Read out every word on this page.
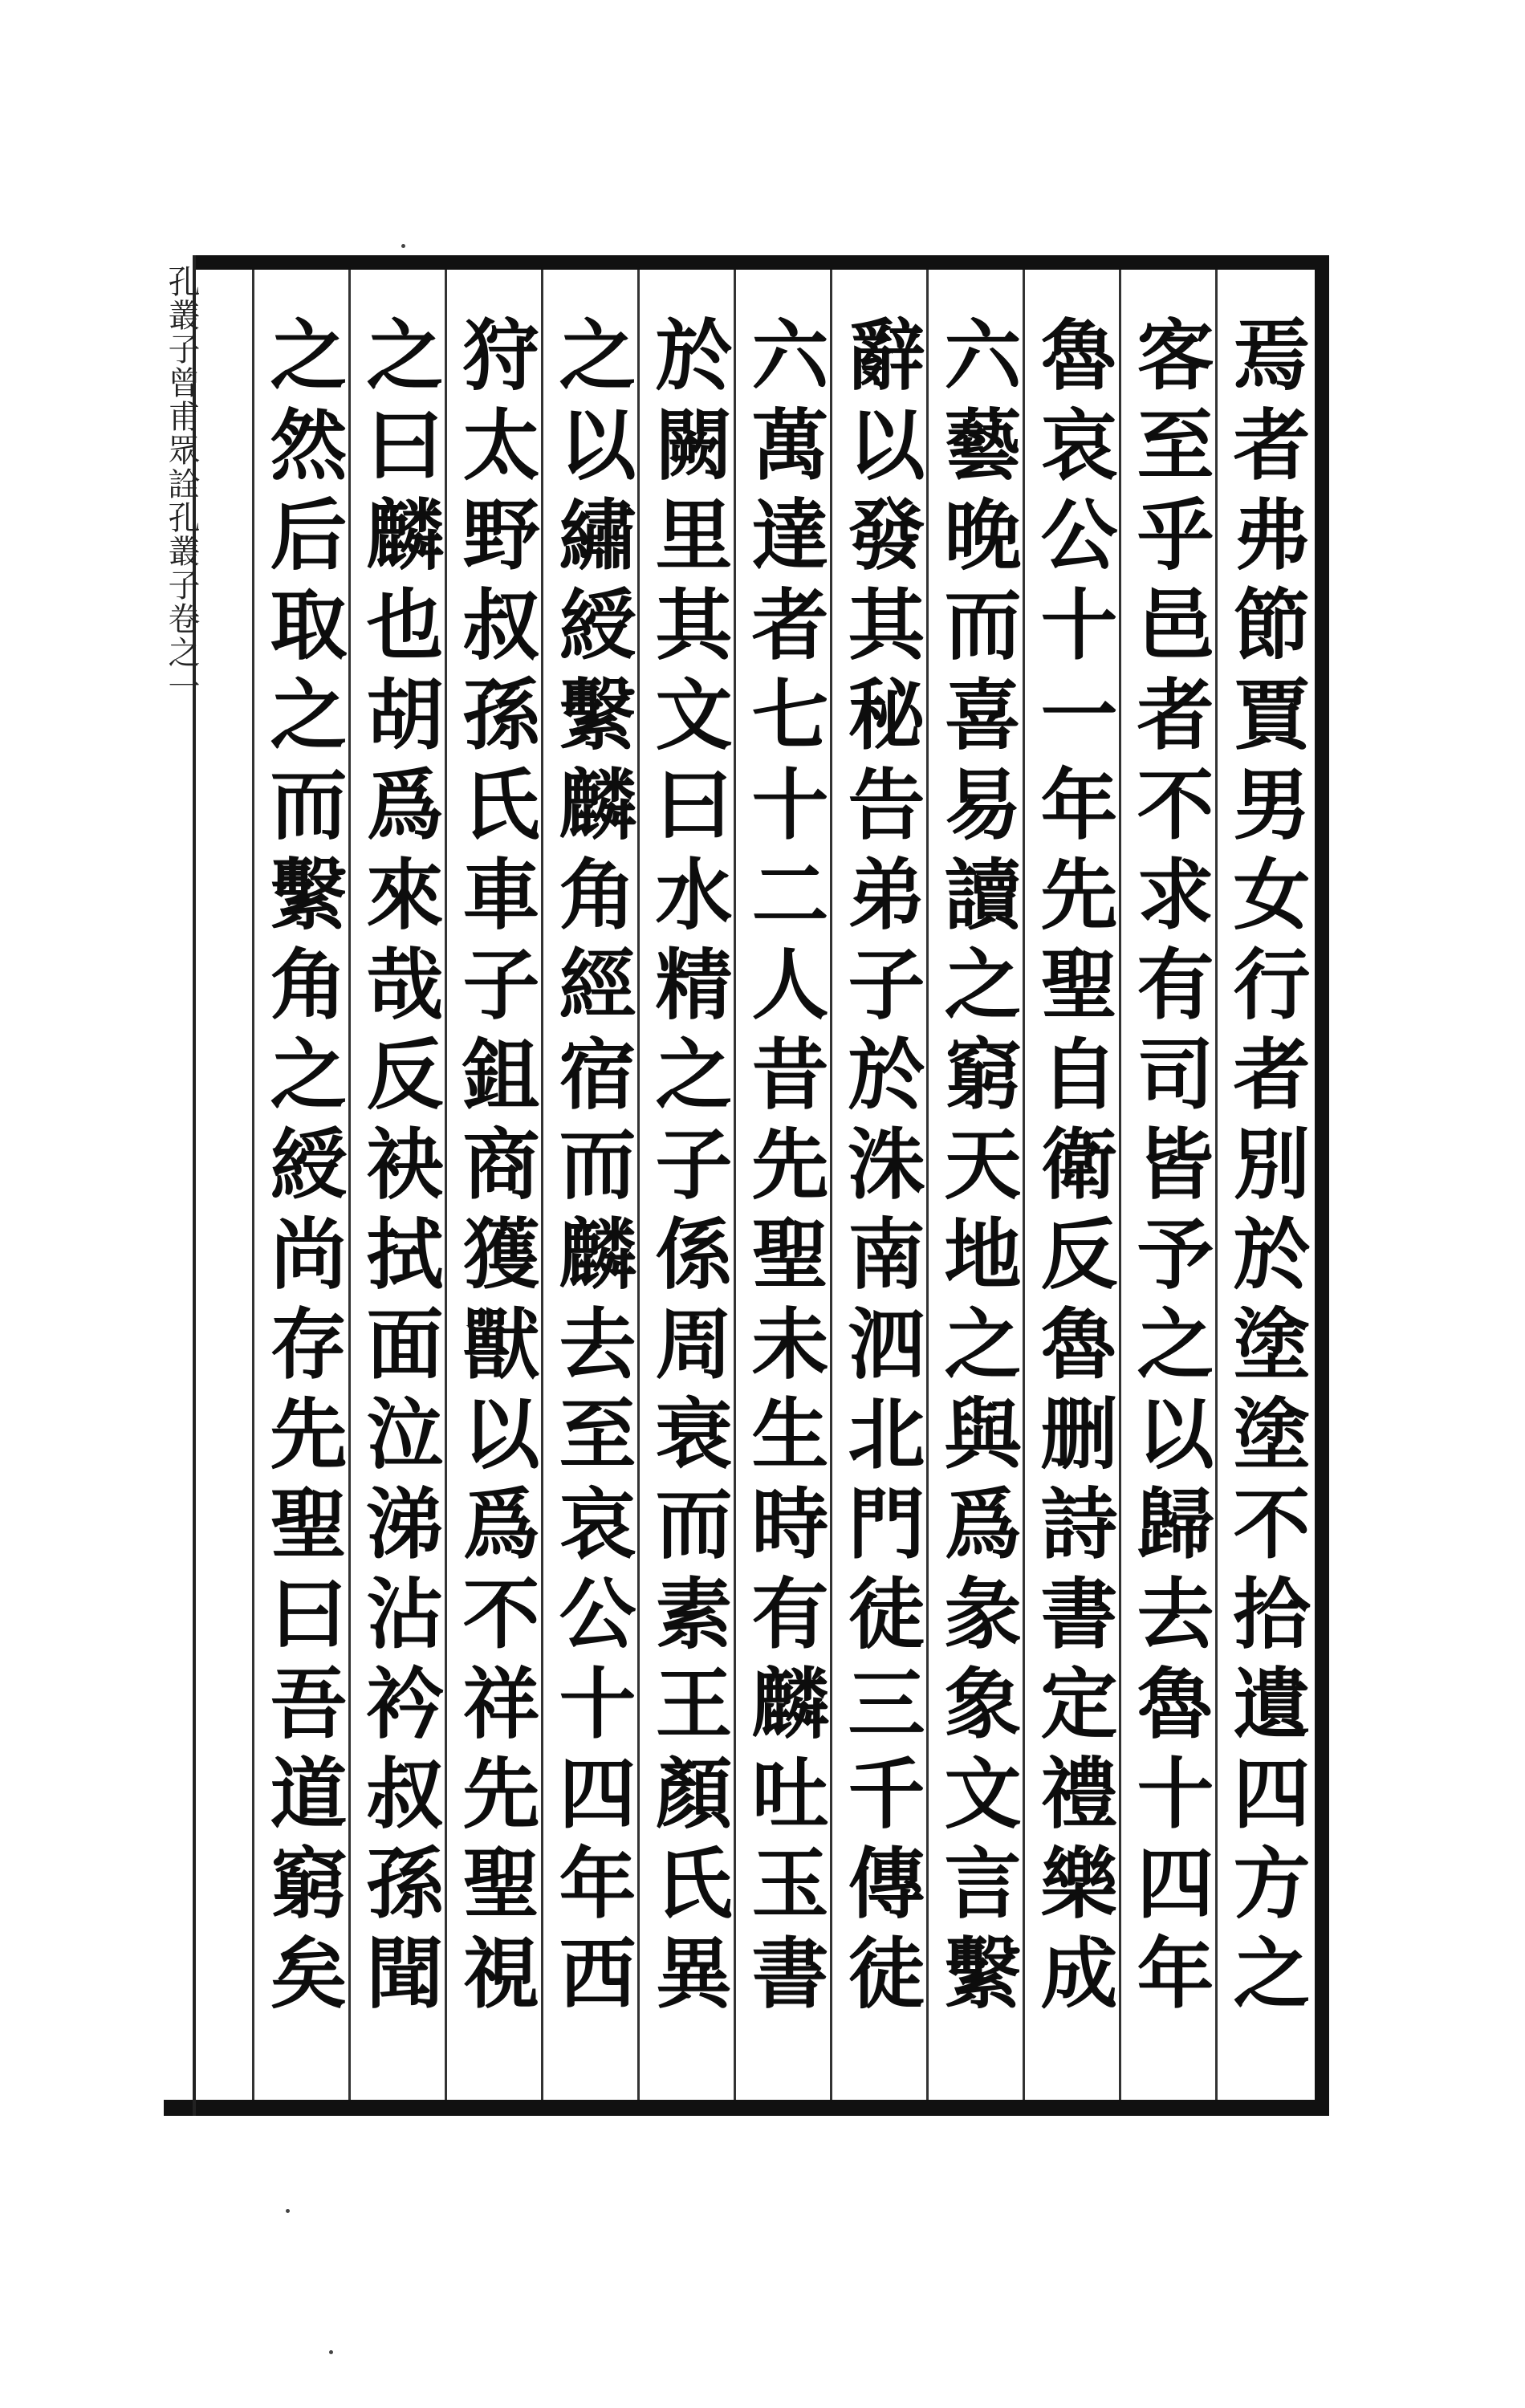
孔叢子曾甫眾詮孔叢子卷之一	焉者弗節賈男女行者別於塗塗不拾遺四方之
客至乎邑者不求有司皆予之以歸去魯十四年
魯哀公十一年先聖自衛反魯删詩書定禮樂成
六藝晚而喜易讀之窮天地之與爲彖象文言繫
辭以發其秘告弟子於洙南泗北門徒三千傳徒
六萬達者七十二人昔先聖未生時有麟吐玉書
於闕里其文曰水精之子係周衰而素王顏氏異
之以繡綬繫麟角經宿而麟去至哀公十四年西
狩太野叔孫氏車子鉏商獲獸以爲不祥先聖視
之曰麟也胡爲來哉反袂拭面泣涕沾衿叔孫聞
之然后取之而繫角之綬尚存先聖曰吾道窮矣
